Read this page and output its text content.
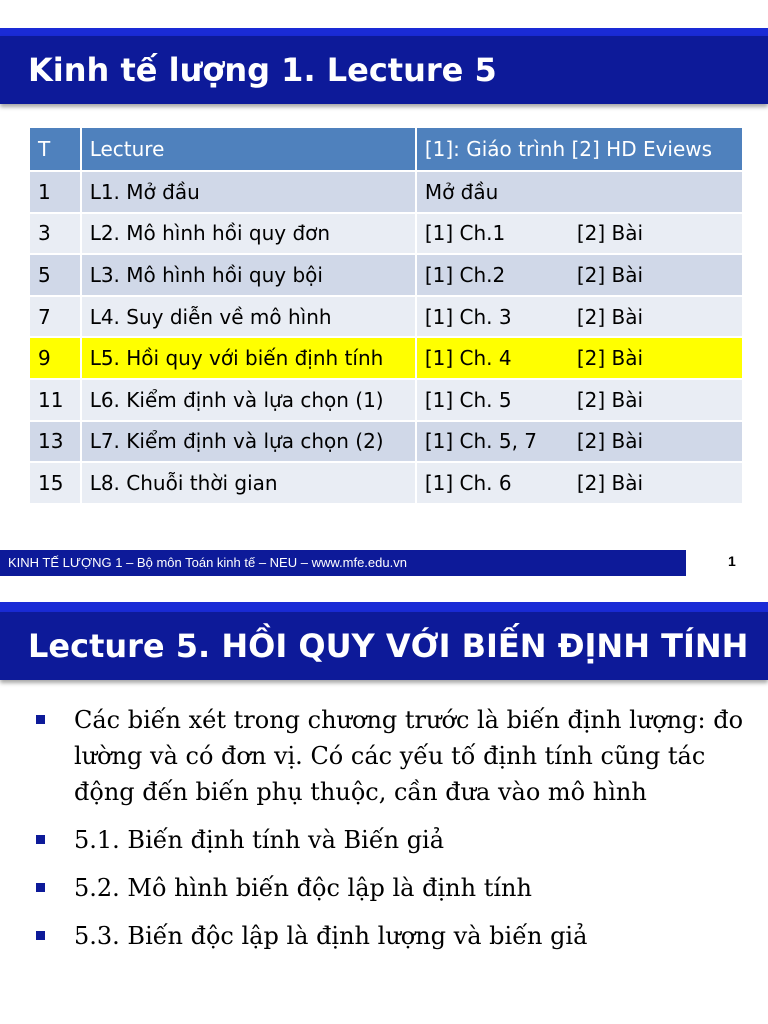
Kinh tế lượng 1. Lecture 5
T	Lecture	[1]: Giáo trình [2] HD Eviews
1	L1. Mở đầu	Mở đầu
3	L2. Mô hình hồi quy đơn	[1] Ch.1 [2] Bài
5	L3. Mô hình hồi quy bội	[1] Ch.2 [2] Bài
7	L4. Suy diễn về mô hình	[1] Ch. 3 [2] Bài
9	L5. Hồi quy với biến định tính	[1] Ch. 4 [2] Bài
11	L6. Kiểm định và lựa chọn (1)	[1] Ch. 5 [2] Bài
13	L7. Kiểm định và lựa chọn (2)	[1] Ch. 5, 7 [2] Bài
15	L8. Chuỗi thời gian	[1] Ch. 6 [2] Bài
KINH TẾ LƯỢNG 1 – Bộ môn Toán kinh tế – NEU – www.mfe.edu.vn	1
Lecture 5. HỒI QUY VỚI BIẾN ĐỊNH TÍNH
Các biến xét trong chương trước là biến định lượng: đo lường và có đơn vị. Có các yếu tố định tính cũng tác động đến biến phụ thuộc, cần đưa vào mô hình
5.1. Biến định tính và Biến giả
5.2. Mô hình biến độc lập là định tính
5.3. Biến độc lập là định lượng và biến giả
